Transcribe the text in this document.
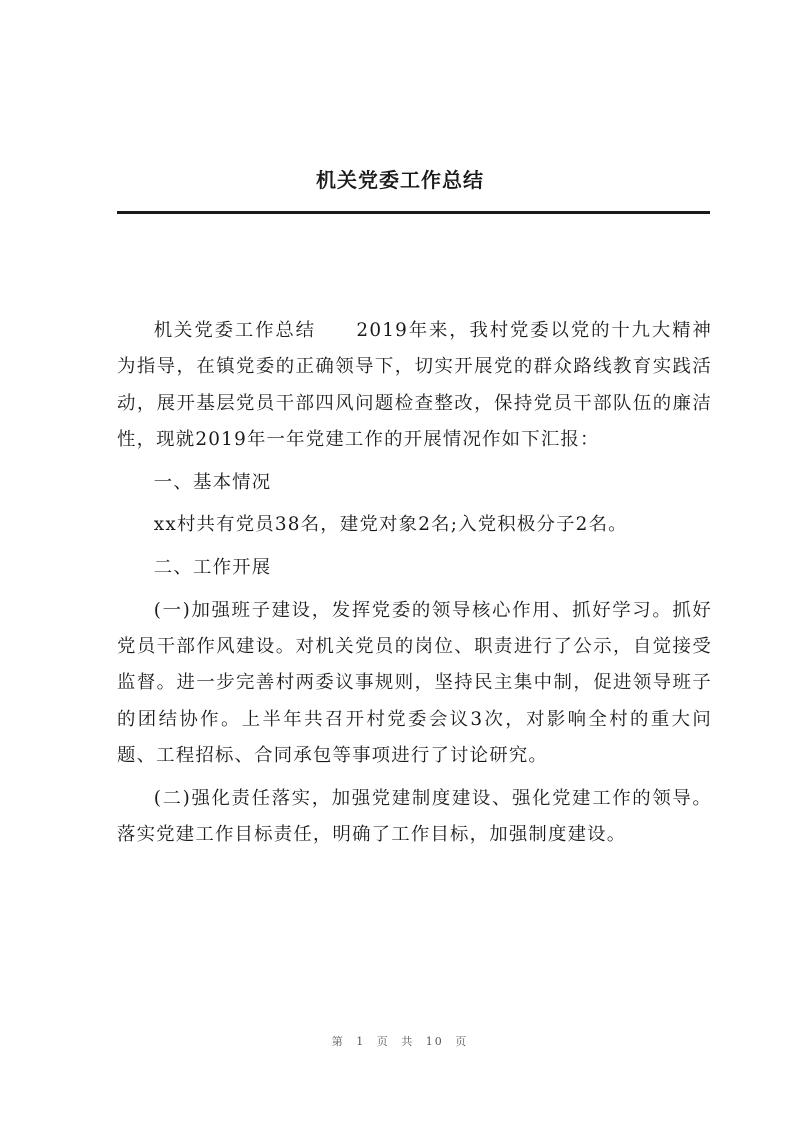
机关党委工作总结

机关党委工作总结　　2019年来，我村党委以党的十九大精神为指导，在镇党委的正确领导下，切实开展党的群众路线教育实践活动，展开基层党员干部四风问题检查整改，保持党员干部队伍的廉洁性，现就2019年一年党建工作的开展情况作如下汇报：

一、基本情况

xx村共有党员38名，建党对象2名;入党积极分子2名。

二、工作开展

(一)加强班子建设，发挥党委的领导核心作用、抓好学习。抓好党员干部作风建设。对机关党员的岗位、职责进行了公示，自觉接受监督。进一步完善村两委议事规则，坚持民主集中制，促进领导班子的团结协作。上半年共召开村党委会议3次，对影响全村的重大问题、工程招标、合同承包等事项进行了讨论研究。

(二)强化责任落实，加强党建制度建设、强化党建工作的领导。落实党建工作目标责任，明确了工作目标，加强制度建设。

第 1 页 共 10 页
